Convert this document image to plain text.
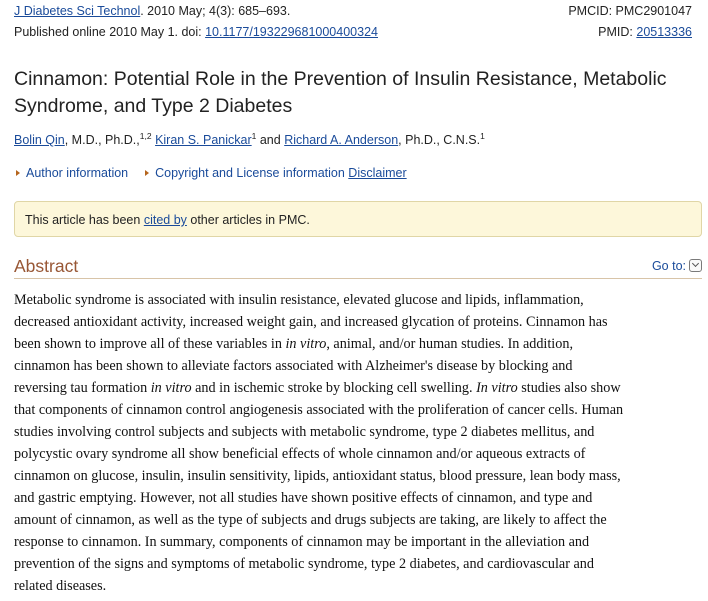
J Diabetes Sci Technol. 2010 May; 4(3): 685–693.	PMCID: PMC2901047
Published online 2010 May 1. doi: 10.1177/193229681000400324	PMID: 20513336
Cinnamon: Potential Role in the Prevention of Insulin Resistance, Metabolic Syndrome, and Type 2 Diabetes
Bolin Qin, M.D., Ph.D.,$^{1,2}$ Kiran S. Panickar$^1$ and Richard A. Anderson, Ph.D., C.N.S.$^1$
Author information Copyright and License information Disclaimer
This article has been cited by other articles in PMC.
Abstract	Go to:

Metabolic syndrome is associated with insulin resistance, elevated glucose and lipids, inflammation,
decreased antioxidant activity, increased weight gain, and increased glycation of proteins. Cinnamon has
been shown to improve all of these variables in in vitro, animal, and/or human studies. In addition,
cinnamon has been shown to alleviate factors associated with Alzheimer's disease by blocking and
reversing tau formation in vitro and in ischemic stroke by blocking cell swelling. In vitro studies also show
that components of cinnamon control angiogenesis associated with the proliferation of cancer cells. Human
studies involving control subjects and subjects with metabolic syndrome, type 2 diabetes mellitus, and
polycystic ovary syndrome all show beneficial effects of whole cinnamon and/or aqueous extracts of
cinnamon on glucose, insulin, insulin sensitivity, lipids, antioxidant status, blood pressure, lean body mass,
and gastric emptying. However, not all studies have shown positive effects of cinnamon, and type and
amount of cinnamon, as well as the type of subjects and drugs subjects are taking, are likely to affect the
response to cinnamon. In summary, components of cinnamon may be important in the alleviation and
prevention of the signs and symptoms of metabolic syndrome, type 2 diabetes, and cardiovascular and
related diseases.
